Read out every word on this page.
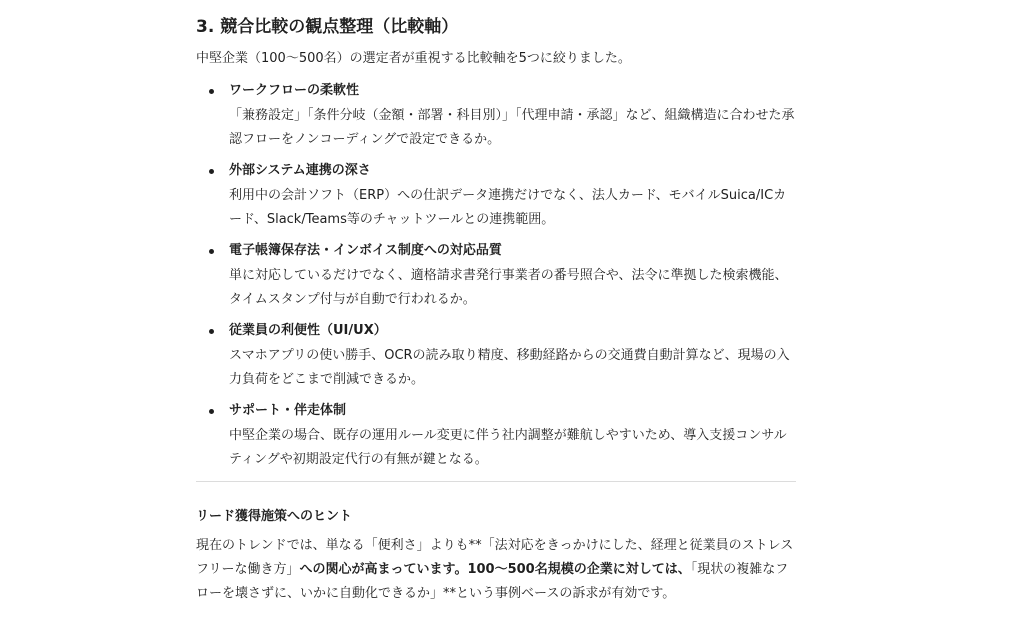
3. 競合比較の観点整理（比較軸）

中堅企業（100〜500名）の選定者が重視する比較軸を5つに絞りました。

ワークフローの柔軟性
「兼務設定」「条件分岐（金額・部署・科目別）」「代理申請・承認」など、組織構造に合わせた承認フローをノンコーディングで設定できるか。
外部システム連携の深さ
利用中の会計ソフト（ERP）への仕訳データ連携だけでなく、法人カード、モバイルSuica/ICカード、Slack/Teams等のチャットツールとの連携範囲。
電子帳簿保存法・インボイス制度への対応品質
単に対応しているだけでなく、適格請求書発行事業者の番号照合や、法令に準拠した検索機能、タイムスタンプ付与が自動で行われるか。
従業員の利便性（UI/UX）
スマホアプリの使い勝手、OCRの読み取り精度、移動経路からの交通費自動計算など、現場の入力負荷をどこまで削減できるか。
サポート・伴走体制
中堅企業の場合、既存の運用ルール変更に伴う社内調整が難航しやすいため、導入支援コンサルティングや初期設定代行の有無が鍵となる。
リード獲得施策へのヒント

現在のトレンドでは、単なる「便利さ」よりも**「法対応をきっかけにした、経理と従業員のストレスフリーな働き方」への関心が高まっています。100〜500名規模の企業に対しては、「現状の複雑なフローを壊さずに、いかに自動化できるか」**という事例ベースの訴求が有効です。
